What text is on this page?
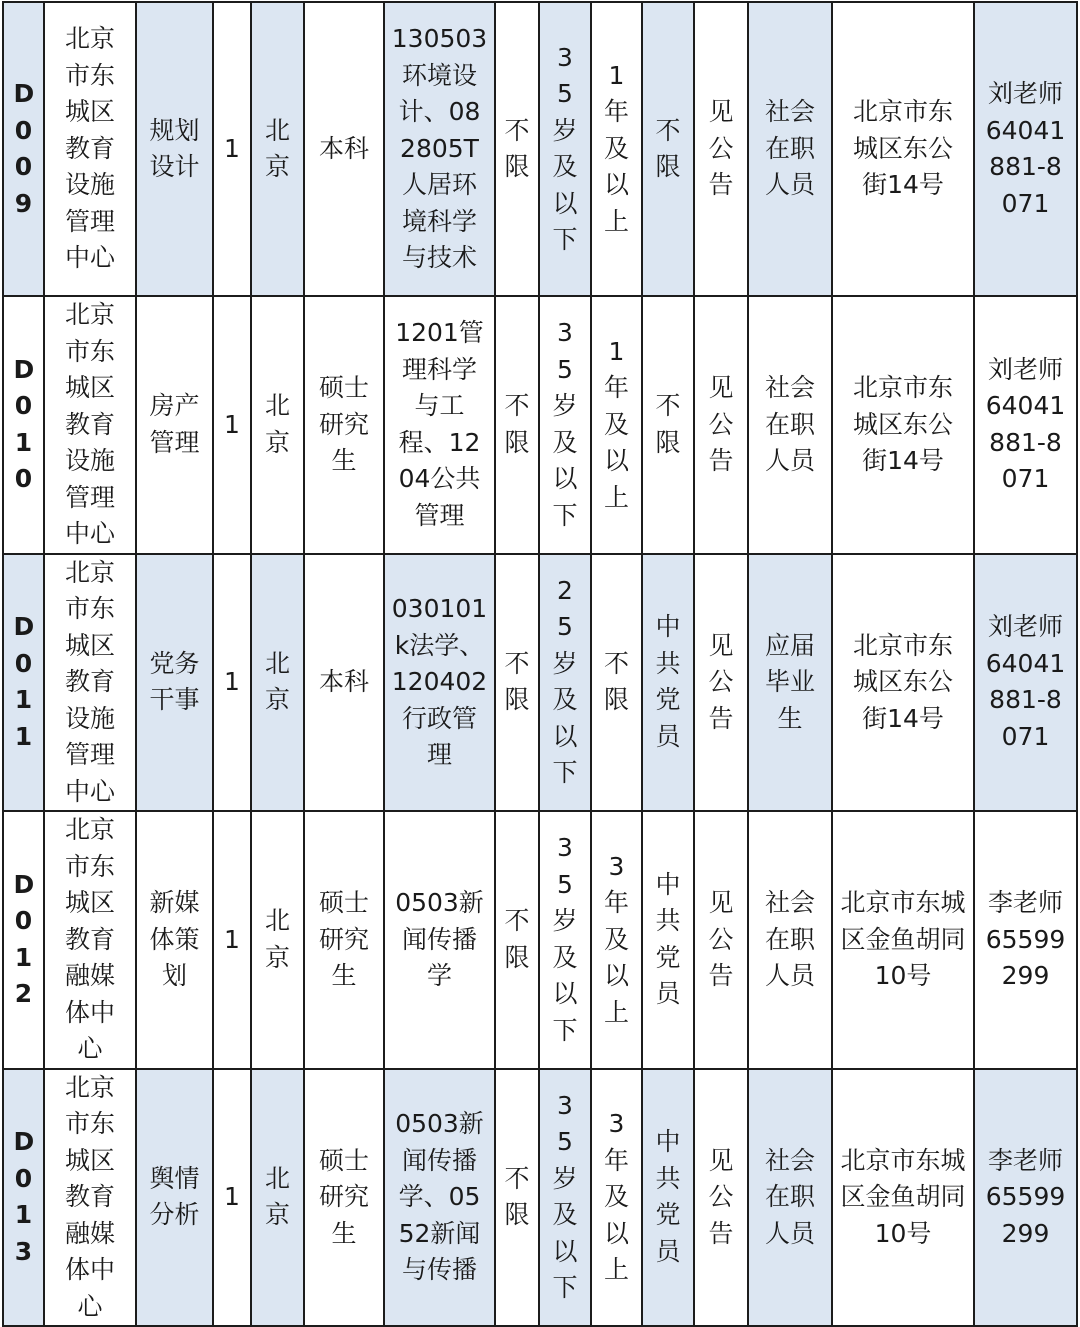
D009	北京市东城区教育设施管理中心	规划设计	1	北京	本科	130503环境设计、082805T人居环境科学与技术	不限	35岁及以下	1年及以上	不限	见公告	社会在职人员	北京市东城区东公街14号	刘老师64041881-8071

D010	北京市东城区教育设施管理中心	房产管理	1	北京	硕士研究生	1201管理科学与工程、1204公共管理	不限	35岁及以下	1年及以上	不限	见公告	社会在职人员	北京市东城区东公街14号	刘老师64041881-8071

D011	北京市东城区教育设施管理中心	党务干事	1	北京	本科	030101k法学、120402行政管理	不限	25岁及以下	不限	中共党员	见公告	应届毕业生	北京市东城区东公街14号	刘老师64041881-8071

D012	北京市东城区教育融媒体中心	新媒体策划	1	北京	硕士研究生	0503新闻传播学	不限	35岁及以下	3年及以上	中共党员	见公告	社会在职人员	北京市东城区金鱼胡同10号	李老师65599299

D013	北京市东城区教育融媒体中心	舆情分析	1	北京	硕士研究生	0503新闻传播学、0552新闻与传播	不限	35岁及以下	3年及以上	中共党员	见公告	社会在职人员	北京市东城区金鱼胡同10号	李老师65599299
